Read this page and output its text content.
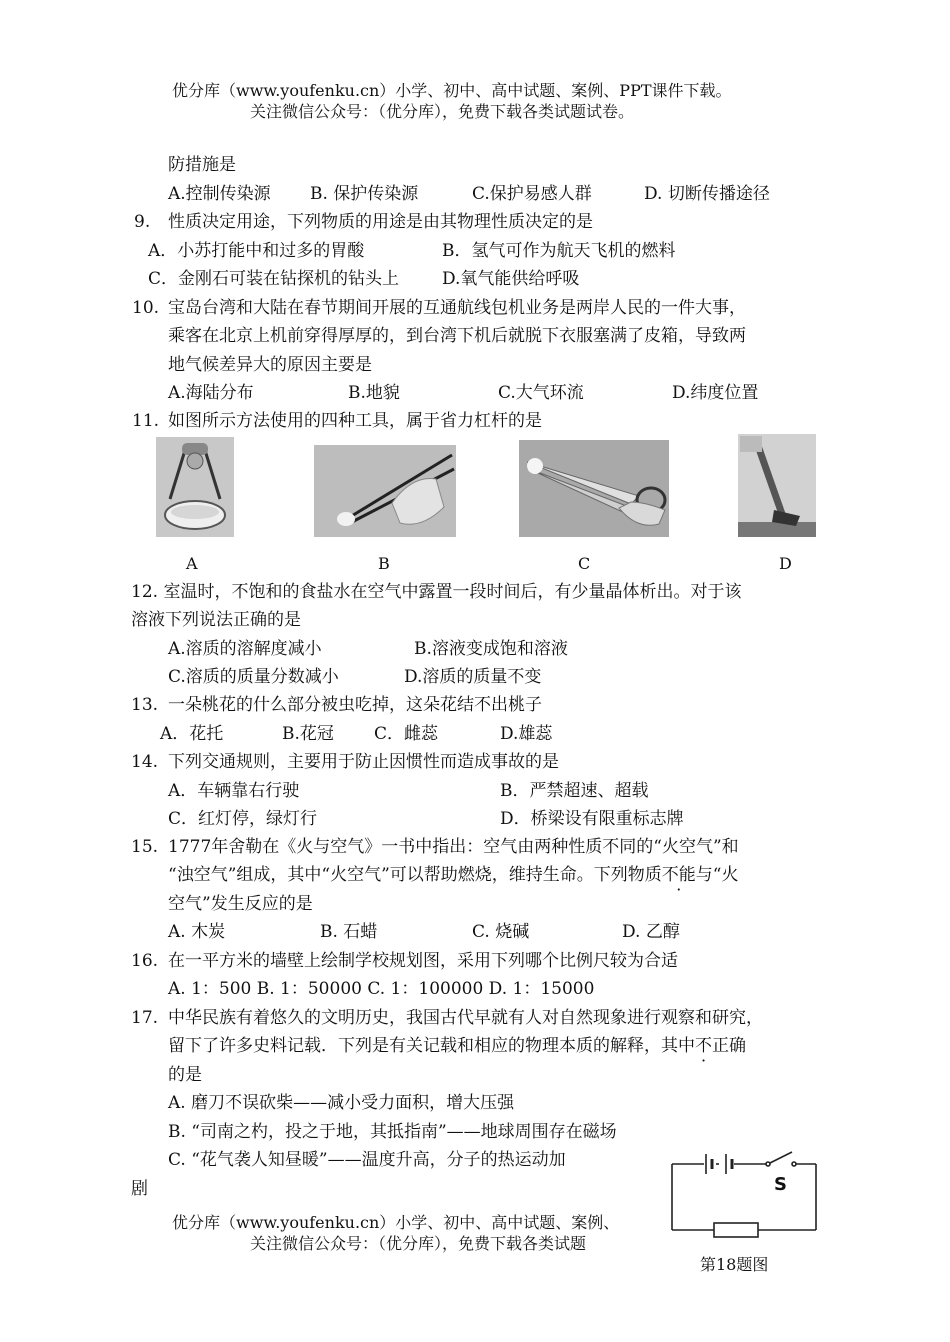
优分库（www.youfenku.cn）小学、初中、高中试题、案例、PPT课件下载。
关注微信公众号：（优分库），免费下载各类试题试卷。
防措施是
A.控制传染源 B. 保护传染源	C.保护易感人群	D. 切断传播途径
9. 性质决定用途，下列物质的用途是由其物理性质决定的是
A．小苏打能中和过多的胃酸	B．氢气可作为航天飞机的燃料
C．金刚石可装在钻探机的钻头上	D.氧气能供给呼吸
10. 宝岛台湾和大陆在春节期间开展的互通航线包机业务是两岸人民的一件大事，
乘客在北京上机前穿得厚厚的，到台湾下机后就脱下衣服塞满了皮箱，导致两
地气候差异大的原因主要是
A.海陆分布	B.地貌	C.大气环流	D.纬度位置
11. 如图所示方法使用的四种工具，属于省力杠杆的是
A	B	C	D
12. 室温时，不饱和的食盐水在空气中露置一段时间后，有少量晶体析出。对于该
溶液下列说法正确的是
A.溶质的溶解度减小	B.溶液变成饱和溶液
C.溶质的质量分数减小	D.溶质的质量不变
13. 一朵桃花的什么部分被虫吃掉，这朵花结不出桃子
A．花托	B.花冠 C．雌蕊	D.雄蕊
14. 下列交通规则，主要用于防止因惯性而造成事故的是
A．车辆靠右行驶	B．严禁超速、超载
C．红灯停，绿灯行	D．桥梁设有限重标志牌
15. 1777年舍勒在《火与空气》一书中指出：空气由两种性质不同的“火空气”和
“浊空气”组成，其中“火空气”可以帮助燃烧，维持生命。下列物质不能与“火
空气”发生反应的是
A. 木炭	B. 石蜡	C. 烧碱	D. 乙醇
16. 在一平方米的墙壁上绘制学校规划图，采用下列哪个比例尺较为合适
A. 1：500 B. 1：50000 C. 1：100000 D. 1：15000
17. 中华民族有着悠久的文明历史，我国古代早就有人对自然现象进行观察和研究，
留下了许多史料记载．下列是有关记载和相应的物理本质的解释，其中不正确
的是
A. 磨刀不误砍柴——减小受力面积，增大压强
B. “司南之杓，投之于地，其抵指南”——地球周围存在磁场
C. “花气袭人知昼暖”——温度升高，分子的热运动加
剧
优分库（www.youfenku.cn）小学、初中、高中试题、案例、
关注微信公众号：（优分库），免费下载各类试题
S
第18题图
